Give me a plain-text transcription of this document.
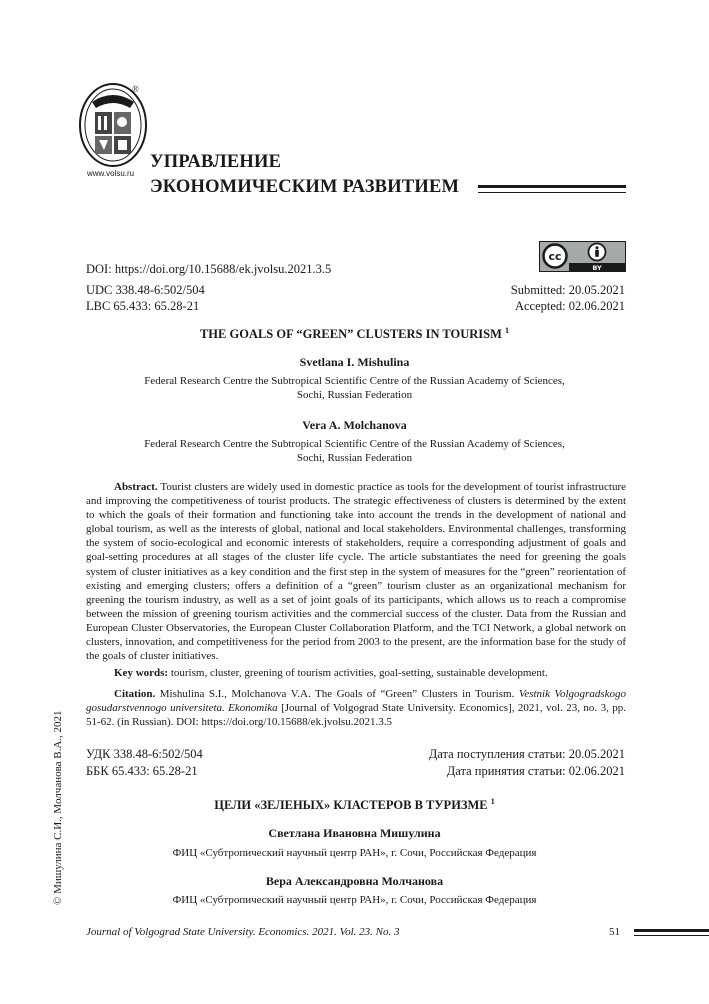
®
www.volsu.ru
УПРАВЛЕНИЕ
ЭКОНОМИЧЕСКИМ РАЗВИТИЕМ
cc
BY
DOI: https://doi.org/10.15688/ek.jvolsu.2021.3.5
UDC 338.48-6:502/504
LBC 65.433: 65.28-21
Submitted: 20.05.2021
Accepted: 02.06.2021
THE GOALS OF “GREEN” CLUSTERS IN TOURISM $^1$
Svetlana I. Mishulina
Federal Research Centre the Subtropical Scientific Centre of the Russian Academy of Sciences,
Sochi, Russian Federation
Vera A. Molchanova
Federal Research Centre the Subtropical Scientific Centre of the Russian Academy of Sciences,
Sochi, Russian Federation

Abstract. Tourist clusters are widely used in domestic practice as tools for the development of tourist infrastructure and improving the competitiveness of tourist products. The strategic effectiveness of clusters is determined by the extent to which the goals of their formation and functioning take into account the trends in the development of national and global tourism, as well as the interests of global, national and local stakeholders. Environmental challenges, transforming the system of socio-ecological and economic interests of stakeholders, require a corresponding adjustment of goals and goal-setting procedures at all stages of the cluster life cycle. The article substantiates the need for greening the goals system of cluster initiatives as a key condition and the first step in the system of measures for the “green” reorientation of existing and emerging clusters; offers a definition of a “green” tourism cluster as an organizational mechanism for greening the tourism industry, as well as a set of joint goals of its participants, which allows us to reach a compromise between the mission of greening tourism activities and the commercial success of the cluster. Data from the Russian and European Cluster Observatories, the European Cluster Collaboration Platform, and the TCI Network, a global network on clusters, innovation, and competitiveness for the period from 2003 to the present, are the information base for the study of the goals of cluster initiatives.

Key words: tourism, cluster, greening of tourism activities, goal-setting, sustainable development.
Citation. Mishulina S.I., Molchanova V.A. The Goals of “Green” Clusters in Tourism. Vestnik Volgogradskogo gosudarstvennogo universiteta. Ekonomika [Journal of Volgograd State University. Economics], 2021, vol. 23, no. 3, pp. 51-62. (in Russian). DOI: https://doi.org/10.15688/ek.jvolsu.2021.3.5
УДК 338.48-6:502/504
ББК 65.433: 65.28-21
Дата поступления статьи: 20.05.2021
Дата принятия статьи: 02.06.2021
ЦЕЛИ «ЗЕЛЕНЫХ» КЛАСТЕРОВ В ТУРИЗМЕ $^1$
Светлана Ивановна Мишулина
ФИЦ «Субтропический научный центр РАН», г. Сочи, Российская Федерация
Вера Александровна Молчанова
ФИЦ «Субтропический научный центр РАН», г. Сочи, Российская Федерация
© Мишулина С.И., Молчанова В.А., 2021
Journal of Volgograd State University. Economics. 2021. Vol. 23. No. 3	51
